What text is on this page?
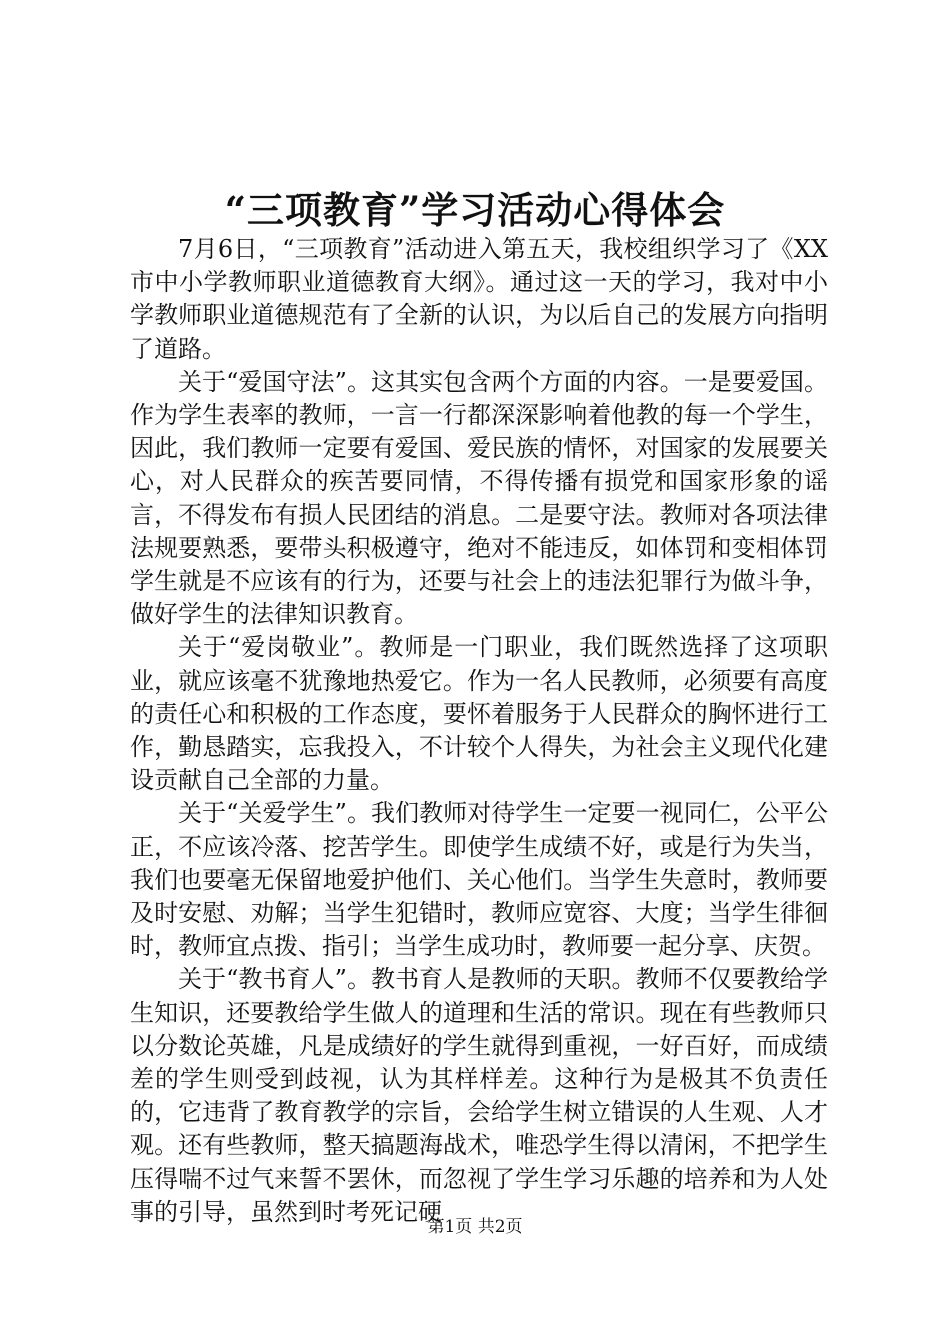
“三项教育”学习活动心得体会

7月6日，“三项教育”活动进入第五天，我校组织学习了《XX市中小学教师职业道德教育大纲》。通过这一天的学习，我对中小学教师职业道德规范有了全新的认识，为以后自己的发展方向指明了道路。

关于“爱国守法”。这其实包含两个方面的内容。一是要爱国。作为学生表率的教师，一言一行都深深影响着他教的每一个学生，因此，我们教师一定要有爱国、爱民族的情怀，对国家的发展要关心，对人民群众的疾苦要同情，不得传播有损党和国家形象的谣言，不得发布有损人民团结的消息。二是要守法。教师对各项法律法规要熟悉，要带头积极遵守，绝对不能违反，如体罚和变相体罚学生就是不应该有的行为，还要与社会上的违法犯罪行为做斗争，做好学生的法律知识教育。

关于“爱岗敬业”。教师是一门职业，我们既然选择了这项职业，就应该毫不犹豫地热爱它。作为一名人民教师，必须要有高度的责任心和积极的工作态度，要怀着服务于人民群众的胸怀进行工作，勤恳踏实，忘我投入，不计较个人得失，为社会主义现代化建设贡献自己全部的力量。

关于“关爱学生”。我们教师对待学生一定要一视同仁，公平公正，不应该冷落、挖苦学生。即使学生成绩不好，或是行为失当，我们也要毫无保留地爱护他们、关心他们。当学生失意时，教师要及时安慰、劝解；当学生犯错时，教师应宽容、大度；当学生徘徊时，教师宜点拨、指引；当学生成功时，教师要一起分享、庆贺。

关于“教书育人”。教书育人是教师的天职。教师不仅要教给学生知识，还要教给学生做人的道理和生活的常识。现在有些教师只以分数论英雄，凡是成绩好的学生就得到重视，一好百好，而成绩差的学生则受到歧视，认为其样样差。这种行为是极其不负责任的，它违背了教育教学的宗旨，会给学生树立错误的人生观、人才观。还有些教师，整天搞题海战术，唯恐学生得以清闲，不把学生压得喘不过气来誓不罢休，而忽视了学生学习乐趣的培养和为人处事的引导，虽然到时考死记硬

第1页 共2页
